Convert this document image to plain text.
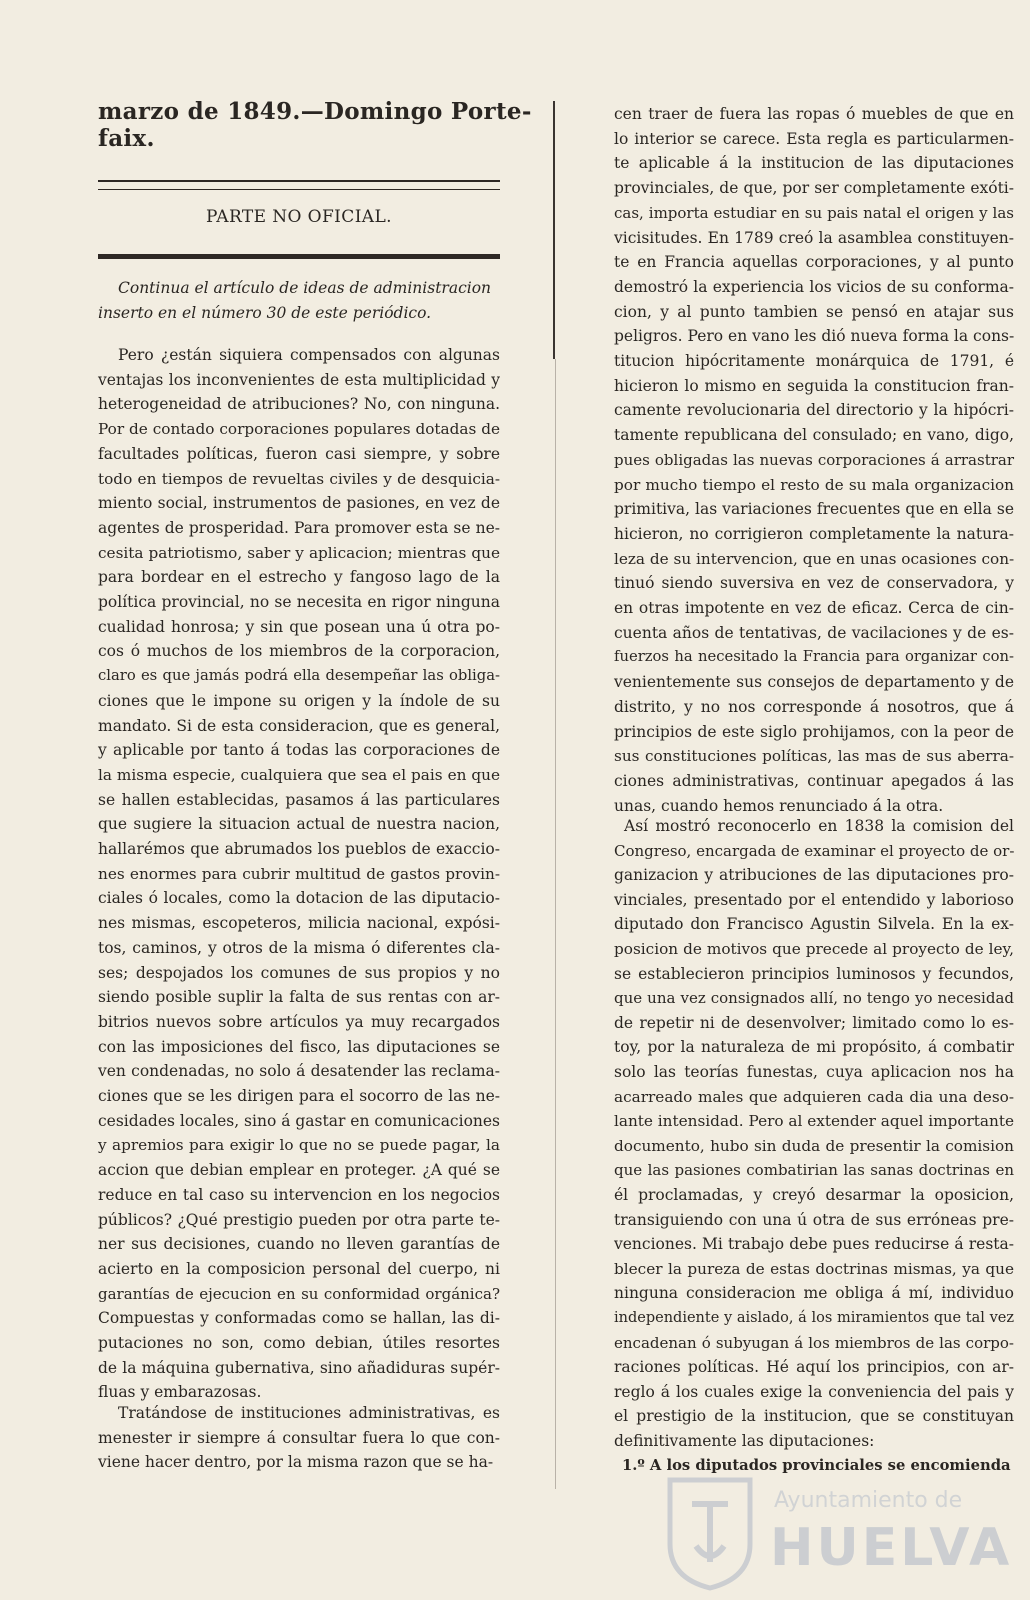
marzo de 1849.—Domingo Porte-
faix.
PARTE NO OFICIAL.
Continua el artículo de ideas de administracion
inserto en el número 30 de este periódico.
Pero ¿están siquiera compensados con algunas
ventajas los inconvenientes de esta multiplicidad y
heterogeneidad de atribuciones? No, con ninguna.
Por de contado corporaciones populares dotadas de
facultades políticas, fueron casi siempre, y sobre
todo en tiempos de revueltas civiles y de desquicia-
miento social, instrumentos de pasiones, en vez de
agentes de prosperidad. Para promover esta se ne-
cesita patriotismo, saber y aplicacion; mientras que
para bordear en el estrecho y fangoso lago de la
política provincial, no se necesita en rigor ninguna
cualidad honrosa; y sin que posean una ú otra po-
cos ó muchos de los miembros de la corporacion,
claro es que jamás podrá ella desempeñar las obliga-
ciones que le impone su origen y la índole de su
mandato. Si de esta consideracion, que es general,
y aplicable por tanto á todas las corporaciones de
la misma especie, cualquiera que sea el pais en que
se hallen establecidas, pasamos á las particulares
que sugiere la situacion actual de nuestra nacion,
hallarémos que abrumados los pueblos de exaccio-
nes enormes para cubrir multitud de gastos provin-
ciales ó locales, como la dotacion de las diputacio-
nes mismas, escopeteros, milicia nacional, expósi-
tos, caminos, y otros de la misma ó diferentes cla-
ses; despojados los comunes de sus propios y no
siendo posible suplir la falta de sus rentas con ar-
bitrios nuevos sobre artículos ya muy recargados
con las imposiciones del fisco, las diputaciones se
ven condenadas, no solo á desatender las reclama-
ciones que se les dirigen para el socorro de las ne-
cesidades locales, sino á gastar en comunicaciones
y apremios para exigir lo que no se puede pagar, la
accion que debian emplear en proteger. ¿A qué se
reduce en tal caso su intervencion en los negocios
públicos? ¿Qué prestigio pueden por otra parte te-
ner sus decisiones, cuando no lleven garantías de
acierto en la composicion personal del cuerpo, ni
garantías de ejecucion en su conformidad orgánica?
Compuestas y conformadas como se hallan, las di-
putaciones no son, como debian, útiles resortes
de la máquina gubernativa, sino añadiduras supér-
fluas y embarazosas.
Tratándose de instituciones administrativas, es
menester ir siempre á consultar fuera lo que con-
viene hacer dentro, por la misma razon que se ha-
cen traer de fuera las ropas ó muebles de que en
lo interior se carece. Esta regla es particularmen-
te aplicable á la institucion de las diputaciones
provinciales, de que, por ser completamente exóti-
cas, importa estudiar en su pais natal el origen y las
vicisitudes. En 1789 creó la asamblea constituyen-
te en Francia aquellas corporaciones, y al punto
demostró la experiencia los vicios de su conforma-
cion, y al punto tambien se pensó en atajar sus
peligros. Pero en vano les dió nueva forma la cons-
titucion hipócritamente monárquica de 1791, é
hicieron lo mismo en seguida la constitucion fran-
camente revolucionaria del directorio y la hipócri-
tamente republicana del consulado; en vano, digo,
pues obligadas las nuevas corporaciones á arrastrar
por mucho tiempo el resto de su mala organizacion
primitiva, las variaciones frecuentes que en ella se
hicieron, no corrigieron completamente la natura-
leza de su intervencion, que en unas ocasiones con-
tinuó siendo suversiva en vez de conservadora, y
en otras impotente en vez de eficaz. Cerca de cin-
cuenta años de tentativas, de vacilaciones y de es-
fuerzos ha necesitado la Francia para organizar con-
venientemente sus consejos de departamento y de
distrito, y no nos corresponde á nosotros, que á
principios de este siglo prohijamos, con la peor de
sus constituciones políticas, las mas de sus aberra-
ciones administrativas, continuar apegados á las
unas, cuando hemos renunciado á la otra.
Así mostró reconocerlo en 1838 la comision del
Congreso, encargada de examinar el proyecto de or-
ganizacion y atribuciones de las diputaciones pro-
vinciales, presentado por el entendido y laborioso
diputado don Francisco Agustin Silvela. En la ex-
posicion de motivos que precede al proyecto de ley,
se establecieron principios luminosos y fecundos,
que una vez consignados allí, no tengo yo necesidad
de repetir ni de desenvolver; limitado como lo es-
toy, por la naturaleza de mi propósito, á combatir
solo las teorías funestas, cuya aplicacion nos ha
acarreado males que adquieren cada dia una deso-
lante intensidad. Pero al extender aquel importante
documento, hubo sin duda de presentir la comision
que las pasiones combatirian las sanas doctrinas en
él proclamadas, y creyó desarmar la oposicion,
transiguiendo con una ú otra de sus erróneas pre-
venciones. Mi trabajo debe pues reducirse á resta-
blecer la pureza de estas doctrinas mismas, ya que
ninguna consideracion me obliga á mí, individuo
independiente y aislado, á los miramientos que tal vez
encadenan ó subyugan á los miembros de las corpo-
raciones políticas. Hé aquí los principios, con ar-
reglo á los cuales exige la conveniencia del pais y
el prestigio de la institucion, que se constituyan
definitivamente las diputaciones:
1.º A los diputados provinciales se encomienda
Ayuntamiento de
HUELVA
